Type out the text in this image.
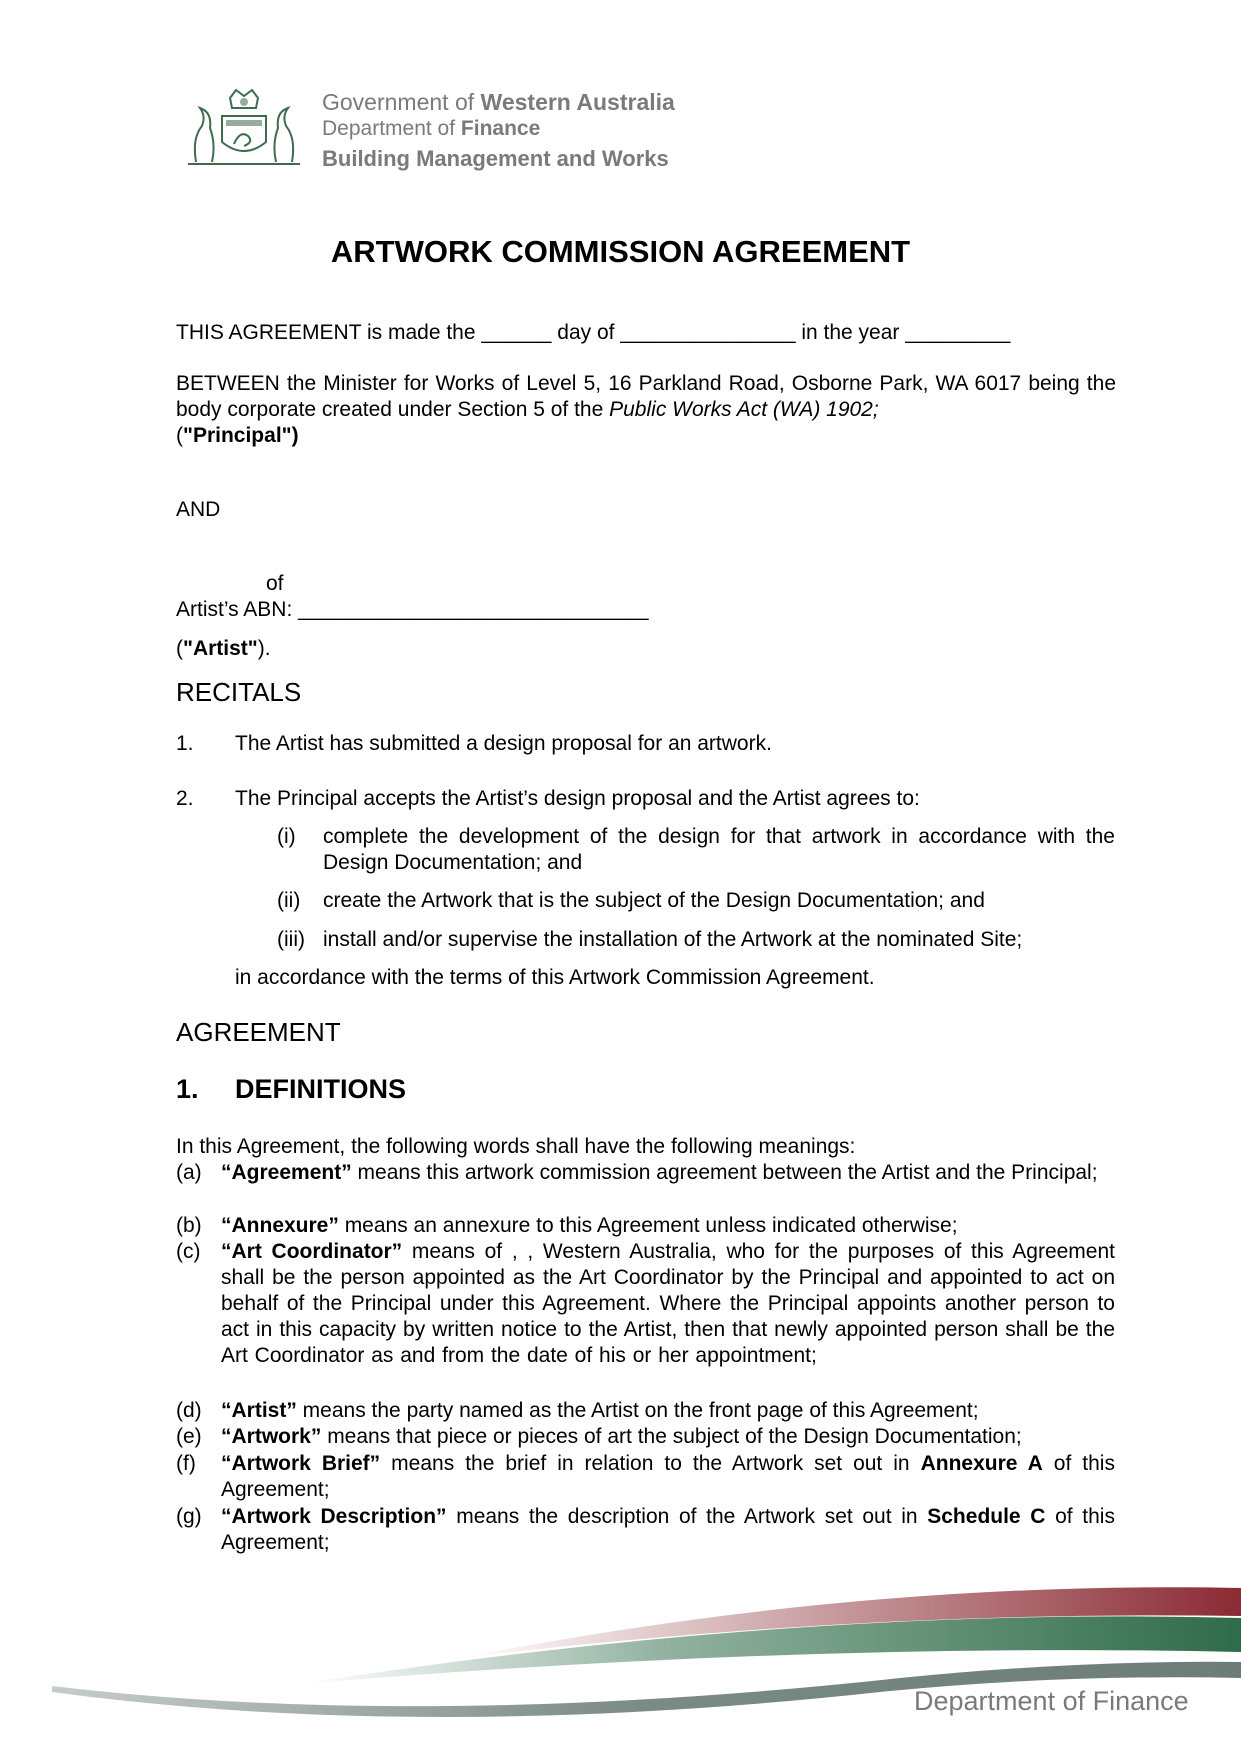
Government of Western Australia
Department of Finance
Building Management and Works
ARTWORK COMMISSION AGREEMENT
THIS AGREEMENT is made the ______ day of _______________ in the year _________
BETWEEN the Minister for Works of Level 5, 16 Parkland Road, Osborne Park, WA 6017 being the body corporate created under Section 5 of the Public Works Act (WA) 1902;
("Principal")
AND
of
Artist’s ABN: ______________________________
("Artist").
RECITALS
1. The Artist has submitted a design proposal for an artwork.
2. The Principal accepts the Artist’s design proposal and the Artist agrees to:
(i)	complete the development of the design for that artwork in accordance with the Design Documentation; and
(ii)	create the Artwork that is the subject of the Design Documentation; and
(iii) install and/or supervise the installation of the Artwork at the nominated Site;
in accordance with the terms of this Artwork Commission Agreement.
AGREEMENT
1. DEFINITIONS
In this Agreement, the following words shall have the following meanings:
(a) “Agreement” means this artwork commission agreement between the Artist and the Principal;
(b) “Annexure” means an annexure to this Agreement unless indicated otherwise;
(c) “Art Coordinator” means of , , Western Australia, who for the purposes of this Agreement shall be the person appointed as the Art Coordinator by the Principal and appointed to act on behalf of the Principal under this Agreement. Where the Principal appoints another person to act in this capacity by written notice to the Artist, then that newly appointed person shall be the Art Coordinator as and from the date of his or her appointment;
(d) “Artist” means the party named as the Artist on the front page of this Agreement;
(e) “Artwork” means that piece or pieces of art the subject of the Design Documentation;
(f)	“Artwork Brief” means the brief in relation to the Artwork set out in Annexure A of this Agreement;
(g) “Artwork Description” means the description of the Artwork set out in Schedule C of this Agreement;
Department of Finance
